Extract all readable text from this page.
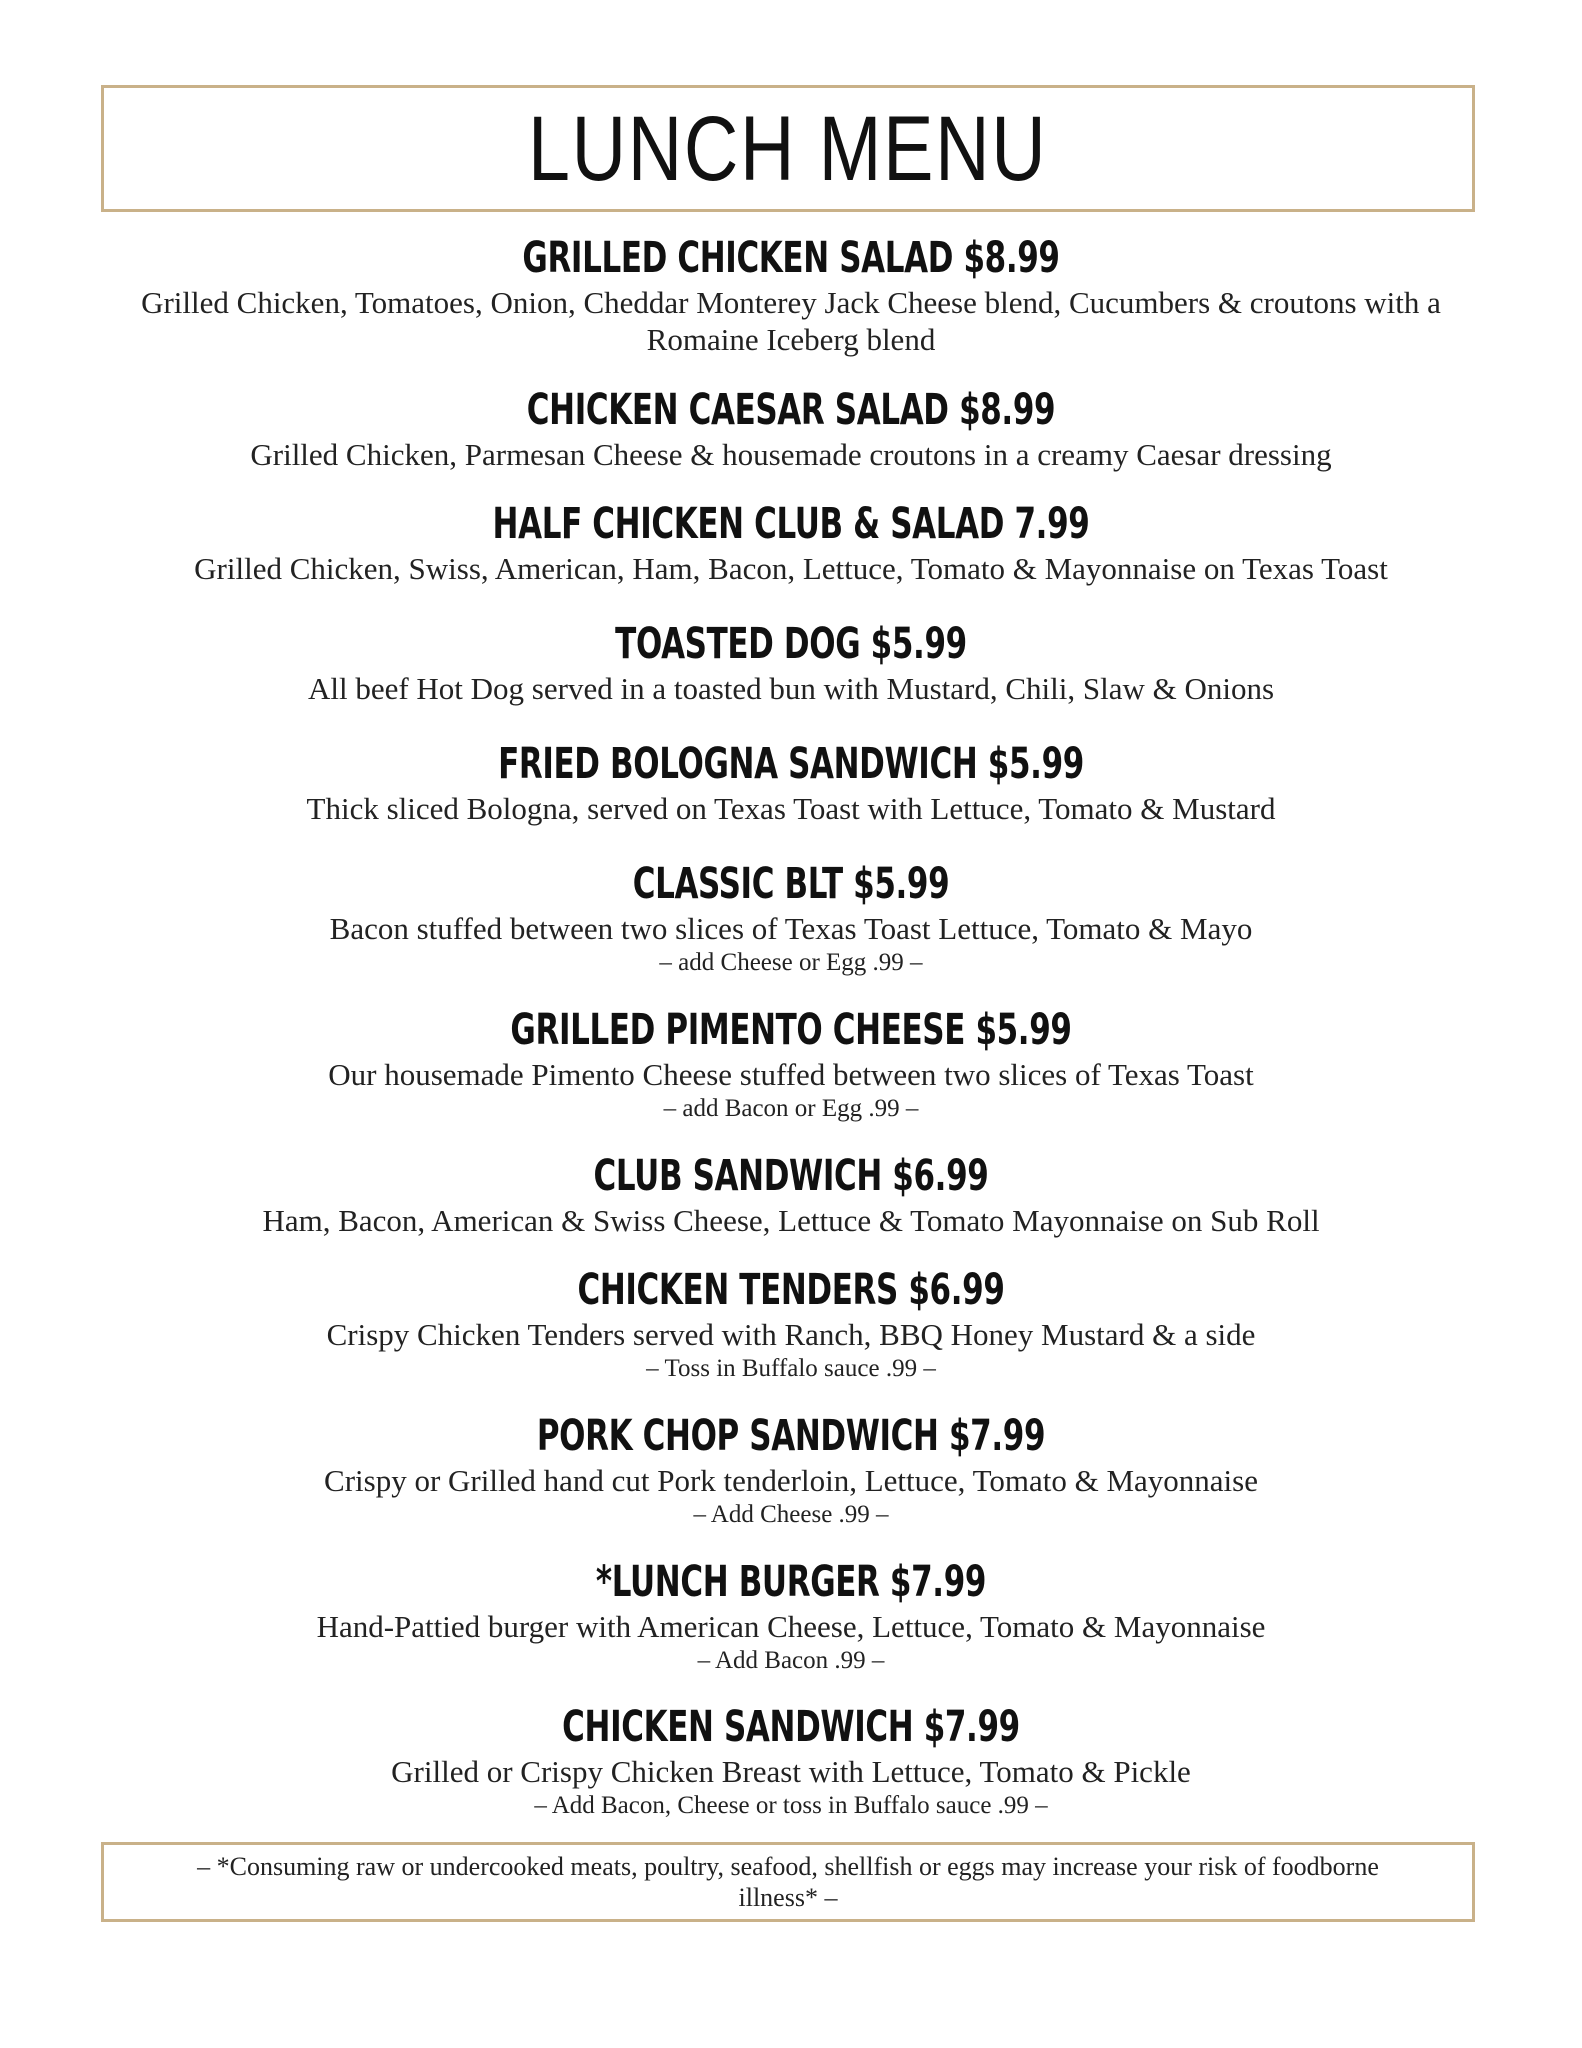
LUNCH MENU
GRILLED CHICKEN SALAD $8.99
Grilled Chicken, Tomatoes, Onion, Cheddar Monterey Jack Cheese blend, Cucumbers & croutons with a Romaine Iceberg blend
CHICKEN CAESAR SALAD $8.99
Grilled Chicken, Parmesan Cheese & housemade croutons in a creamy Caesar dressing
HALF CHICKEN CLUB & SALAD 7.99
Grilled Chicken, Swiss, American, Ham, Bacon, Lettuce, Tomato & Mayonnaise on Texas Toast
TOASTED DOG $5.99
All beef Hot Dog served in a toasted bun with Mustard, Chili, Slaw & Onions
FRIED BOLOGNA SANDWICH $5.99
Thick sliced Bologna, served on Texas Toast with Lettuce, Tomato & Mustard
CLASSIC BLT $5.99
Bacon stuffed between two slices of Texas Toast Lettuce, Tomato & Mayo
– add Cheese or Egg .99 –
GRILLED PIMENTO CHEESE $5.99
Our housemade Pimento Cheese stuffed between two slices of Texas Toast
– add Bacon or Egg .99 –
CLUB SANDWICH $6.99
Ham, Bacon, American & Swiss Cheese, Lettuce & Tomato Mayonnaise on Sub Roll
CHICKEN TENDERS $6.99
Crispy Chicken Tenders served with Ranch, BBQ Honey Mustard & a side
– Toss in Buffalo sauce .99 –
PORK CHOP SANDWICH $7.99
Crispy or Grilled hand cut Pork tenderloin, Lettuce, Tomato & Mayonnaise
– Add Cheese .99 –
*LUNCH BURGER $7.99
Hand-Pattied burger with American Cheese, Lettuce, Tomato & Mayonnaise
– Add Bacon .99 –
CHICKEN SANDWICH $7.99
Grilled or Crispy Chicken Breast with Lettuce, Tomato & Pickle
– Add Bacon, Cheese or toss in Buffalo sauce .99 –
– *Consuming raw or undercooked meats, poultry, seafood, shellfish or eggs may increase your risk of foodborne illness* –
